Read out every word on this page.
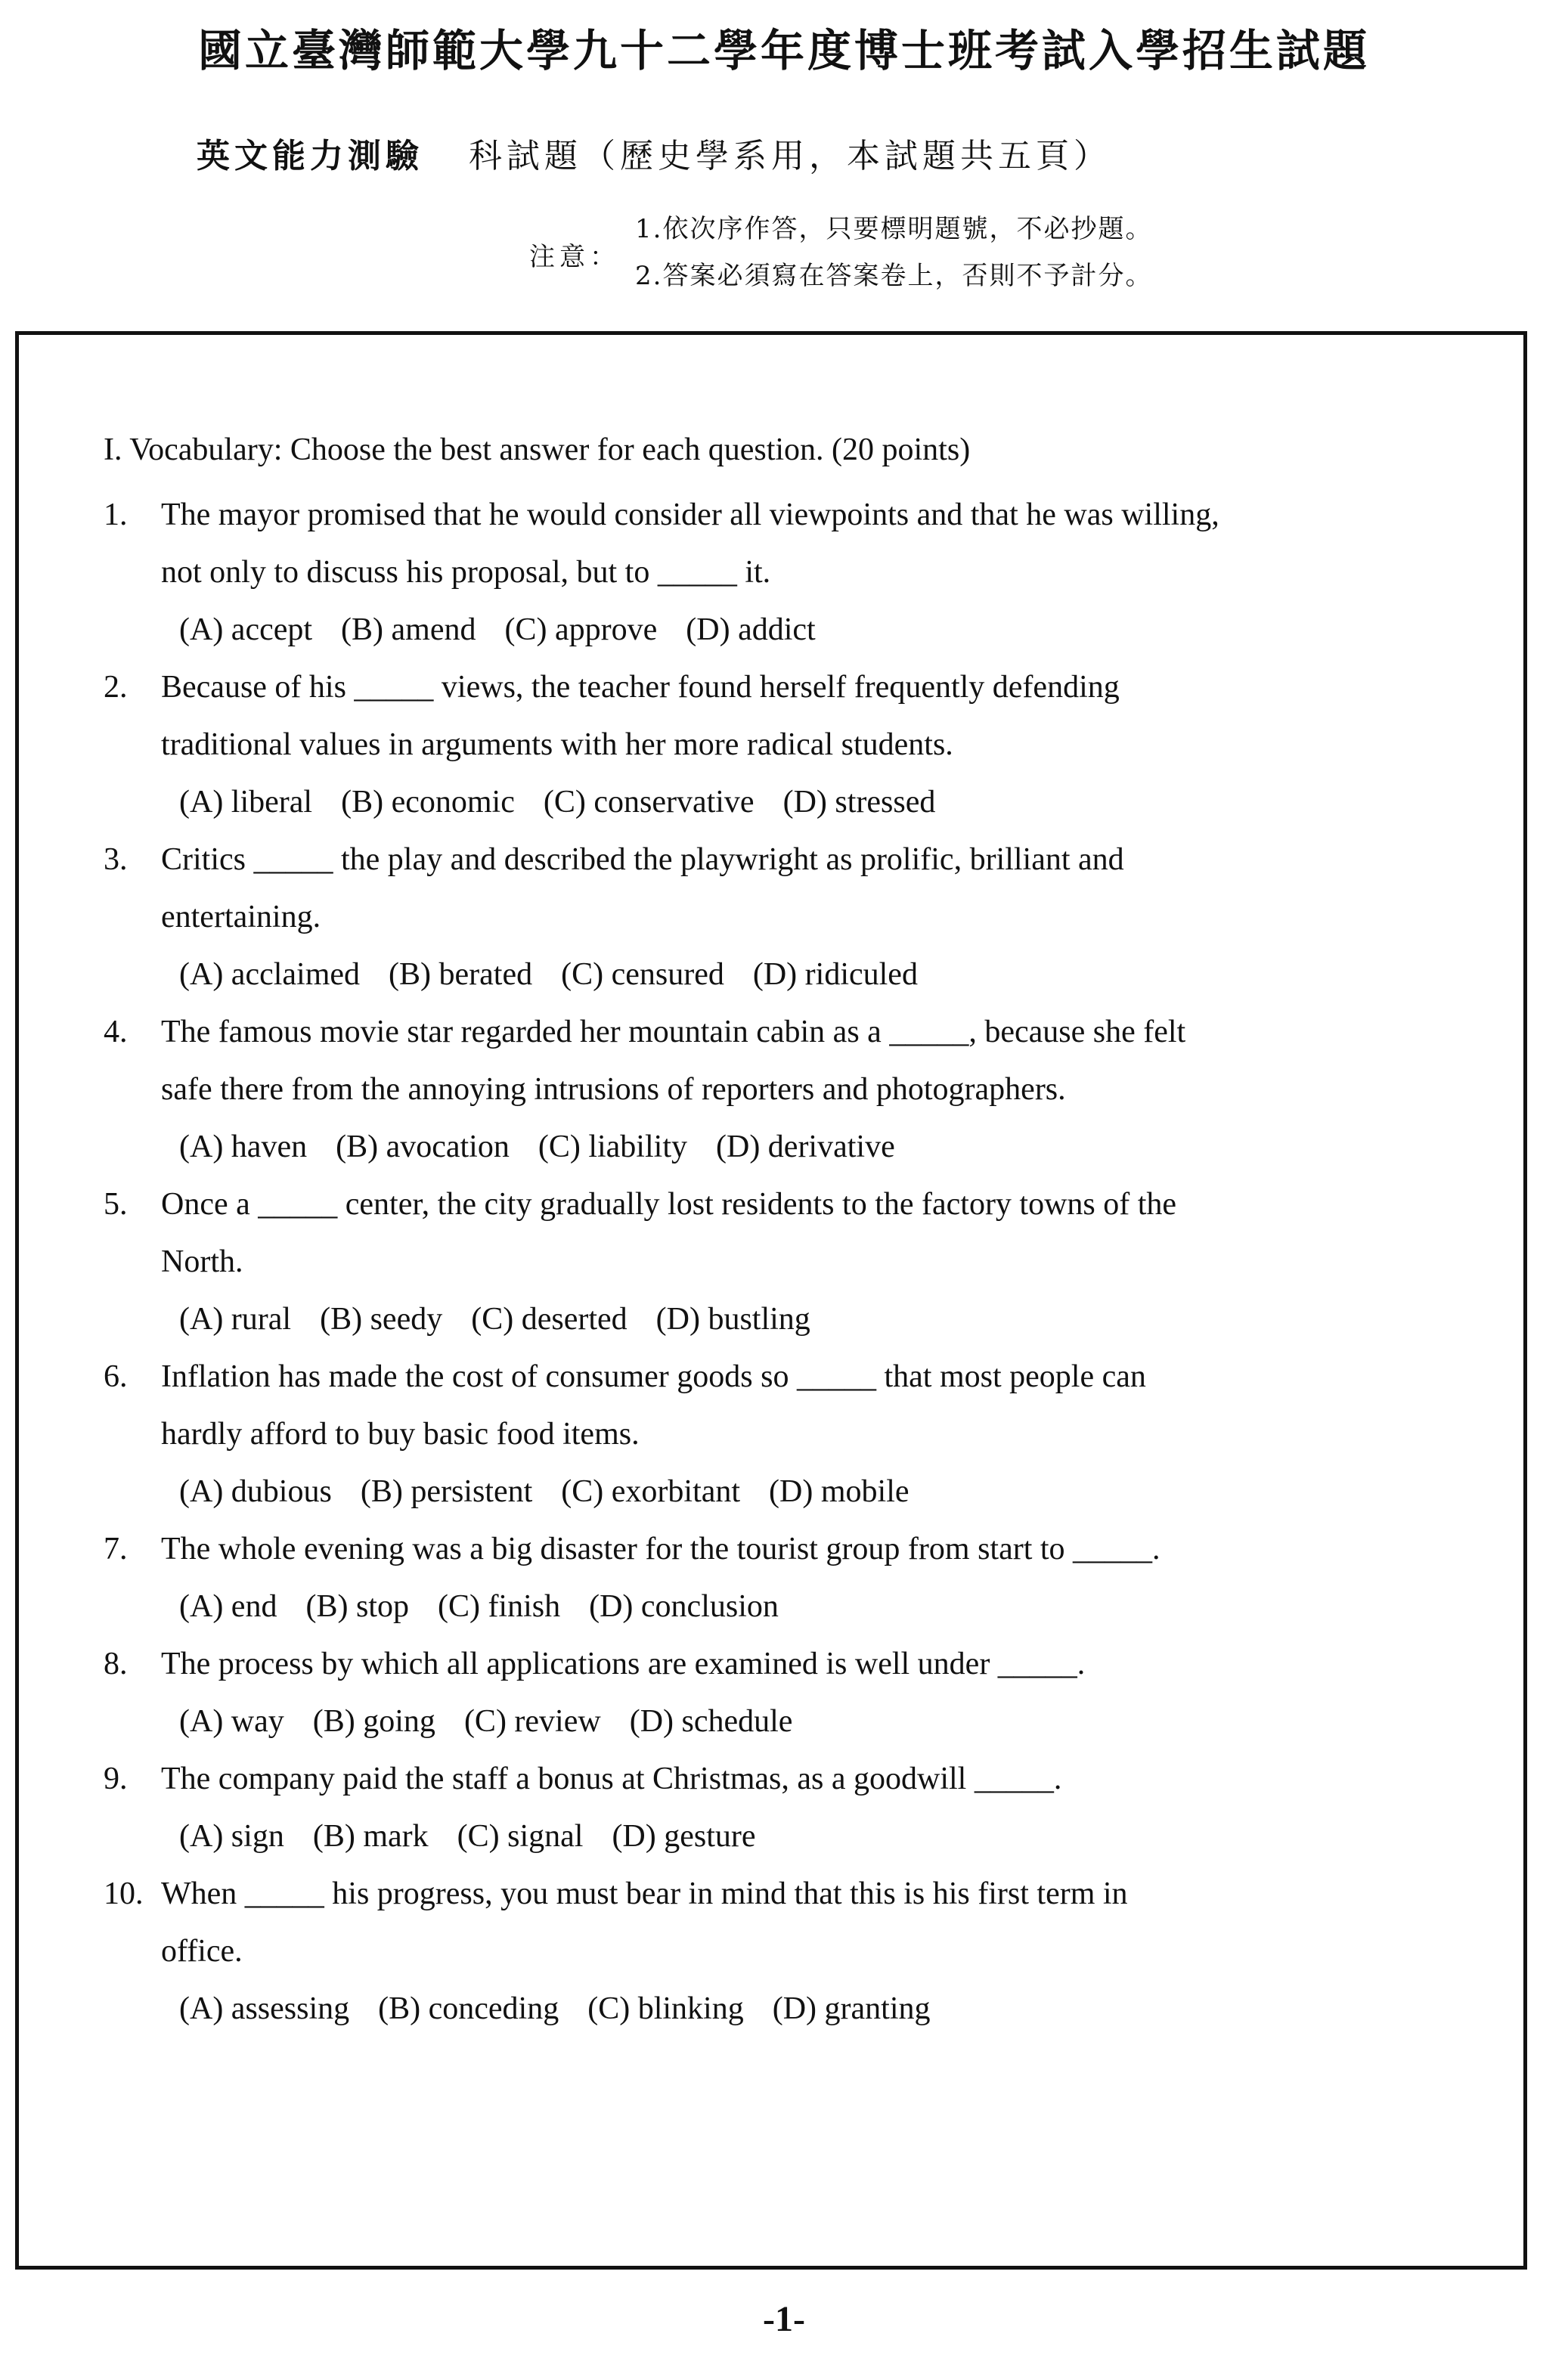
國立臺灣師範大學九十二學年度博士班考試入學招生試題
英文能力測驗 科試題（歷史學系用，本試題共五頁）
注意：
1.依次序作答，只要標明題號，不必抄題。
2.答案必須寫在答案卷上，否則不予計分。
I. Vocabulary: Choose the best answer for each question. (20 points)
1. The mayor promised that he would consider all viewpoints and that he was willing,
not only to discuss his proposal, but to _____ it.
(A) accept (B) amend (C) approve (D) addict
2. Because of his _____ views, the teacher found herself frequently defending
traditional values in arguments with her more radical students.
(A) liberal (B) economic (C) conservative (D) stressed
3. Critics _____ the play and described the playwright as prolific, brilliant and
entertaining.
(A) acclaimed (B) berated (C) censured (D) ridiculed
4. The famous movie star regarded her mountain cabin as a _____, because she felt
safe there from the annoying intrusions of reporters and photographers.
(A) haven (B) avocation (C) liability (D) derivative
5. Once a _____ center, the city gradually lost residents to the factory towns of the
North.
(A) rural (B) seedy (C) deserted (D) bustling
6. Inflation has made the cost of consumer goods so _____ that most people can
hardly afford to buy basic food items.
(A) dubious (B) persistent (C) exorbitant (D) mobile
7. The whole evening was a big disaster for the tourist group from start to _____.
(A) end (B) stop (C) finish (D) conclusion
8. The process by which all applications are examined is well under _____.
(A) way (B) going (C) review (D) schedule
9. The company paid the staff a bonus at Christmas, as a goodwill _____.
(A) sign (B) mark (C) signal (D) gesture
10. When _____ his progress, you must bear in mind that this is his first term in
office.
(A) assessing (B) conceding (C) blinking (D) granting
-1-
